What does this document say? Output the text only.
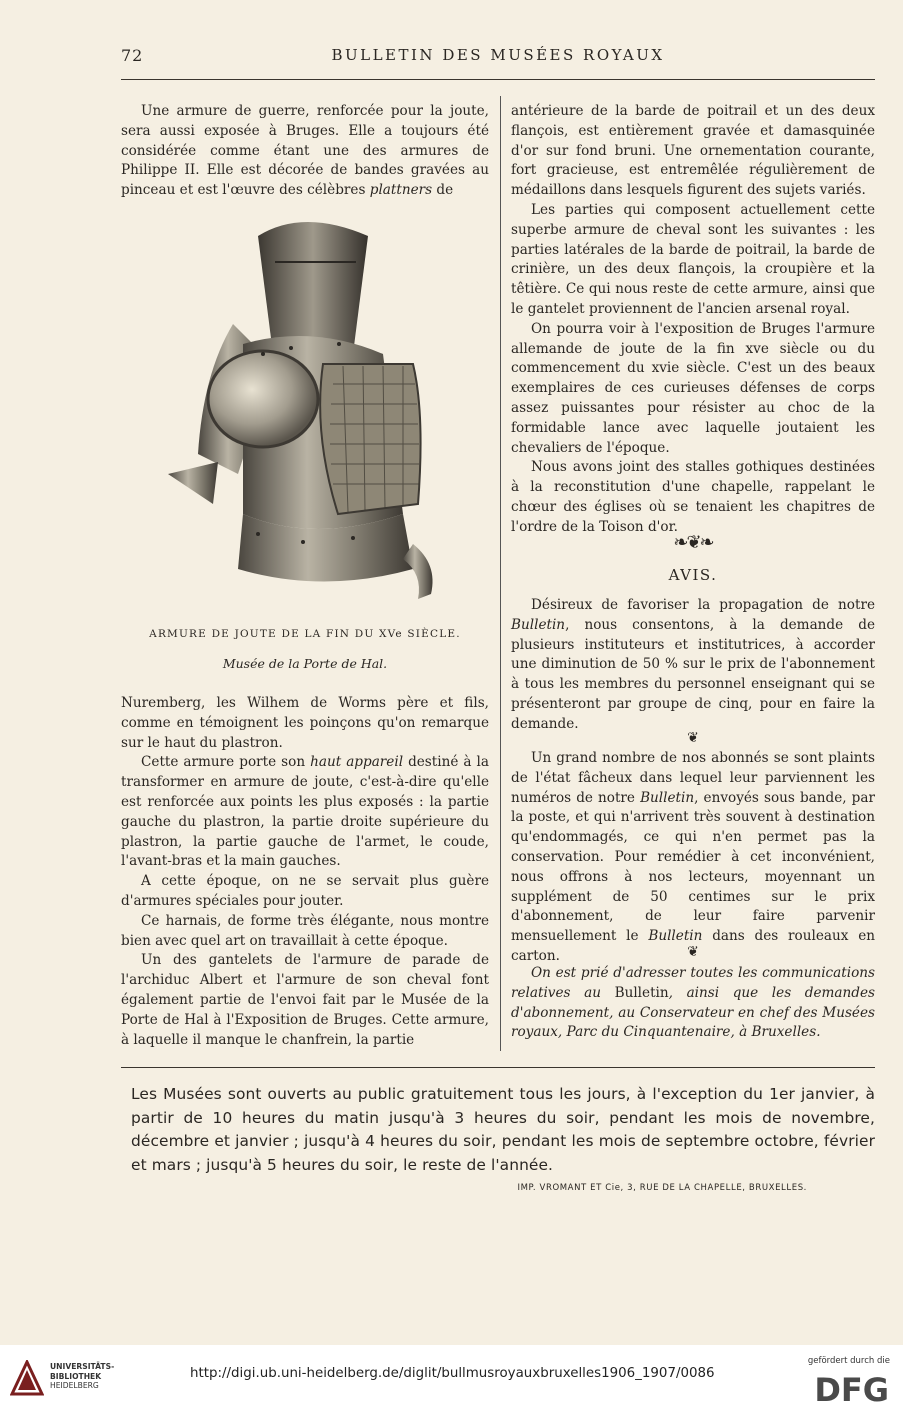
72	BULLETIN DES MUSÉES ROYAUX

Une armure de guerre, renforcée pour la joute, sera aussi exposée à Bruges. Elle a toujours été considérée comme étant une des armures de Philippe II. Elle est décorée de bandes gravées au pinceau et est l'œuvre des célèbres plattners de

ARMURE DE JOUTE DE LA FIN DU XVe SIÈCLE.
Musée de la Porte de Hal.

Nuremberg, les Wilhem de Worms père et fils, comme en témoignent les poinçons qu'on remarque sur le haut du plastron.

Cette armure porte son haut appareil destiné à la transformer en armure de joute, c'est-à-dire qu'elle est renforcée aux points les plus exposés : la partie gauche du plastron, la partie droite supérieure du plastron, la partie gauche de l'armet, le coude, l'avant-bras et la main gauches.

A cette époque, on ne se servait plus guère d'armures spéciales pour jouter.

Ce harnais, de forme très élégante, nous montre bien avec quel art on travaillait à cette époque.

Un des gantelets de l'armure de parade de l'archiduc Albert et l'armure de son cheval font également partie de l'envoi fait par le Musée de la Porte de Hal à l'Exposition de Bruges. Cette armure, à laquelle il manque le chanfrein, la partie

antérieure de la barde de poitrail et un des deux flançois, est entièrement gravée et damasquinée d'or sur fond bruni. Une ornementation courante, fort gracieuse, est entremêlée régulièrement de médaillons dans lesquels figurent des sujets variés.

Les parties qui composent actuellement cette superbe armure de cheval sont les suivantes : les parties latérales de la barde de poitrail, la barde de crinière, un des deux flançois, la croupière et la têtière. Ce qui nous reste de cette armure, ainsi que le gantelet proviennent de l'ancien arsenal royal.

On pourra voir à l'exposition de Bruges l'armure allemande de joute de la fin xve siècle ou du commencement du xvie siècle. C'est un des beaux exemplaires de ces curieuses défenses de corps assez puissantes pour résister au choc de la formidable lance avec laquelle joutaient les chevaliers de l'époque.

Nous avons joint des stalles gothiques destinées à la reconstitution d'une chapelle, rappelant le chœur des églises où se tenaient les chapitres de l'ordre de la Toison d'or.

❧❦❧
AVIS.

Désireux de favoriser la propagation de notre Bulletin, nous consentons, à la demande de plusieurs instituteurs et institutrices, à accorder une diminution de 50 % sur le prix de l'abonnement à tous les membres du personnel enseignant qui se présenteront par groupe de cinq, pour en faire la demande.

❦

Un grand nombre de nos abonnés se sont plaints de l'état fâcheux dans lequel leur parviennent les numéros de notre Bulletin, envoyés sous bande, par la poste, et qui n'arrivent très souvent à destination qu'endommagés, ce qui n'en permet pas la conservation. Pour remédier à cet inconvénient, nous offrons à nos lecteurs, moyennant un supplément de 50 centimes sur le prix d'abonnement, de leur faire parvenir mensuellement le Bulletin dans des rouleaux en carton.	❦

On est prié d'adresser toutes les communications relatives au Bulletin, ainsi que les demandes d'abonnement, au Conservateur en chef des Musées royaux, Parc du Cinquantenaire, à Bruxelles.

Les Musées sont ouverts au public gratuitement tous les jours, à l'exception du 1er janvier, à partir de 10 heures du matin jusqu'à 3 heures du soir, pendant les mois de novembre, décembre et janvier ; jusqu'à 4 heures du soir, pendant les mois de septembre octobre, février et mars ; jusqu'à 5 heures du soir, le reste de l'année.
IMP. VROMANT ET Cie, 3, RUE DE LA CHAPELLE, BRUXELLES.
UNIVERSITÄTS-
BIBLIOTHEK
HEIDELBERG
http://digi.ub.uni-heidelberg.de/diglit/bullmusroyauxbruxelles1906_1907/0086
gefördert durch die
DFG
